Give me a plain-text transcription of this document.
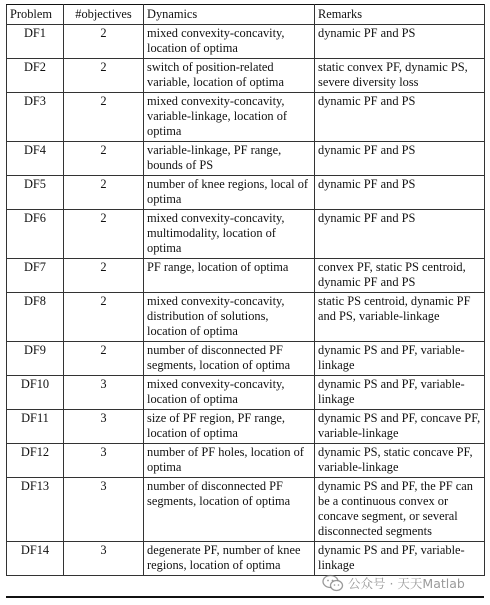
Problem	#objectives	Dynamics	Remarks
DF1	2	mixed convexity-concavity, location of optima	dynamic PF and PS
DF2	2	switch of position-related variable, location of optima	static convex PF, dynamic PS, severe diversity loss
DF3	2	mixed convexity-concavity, variable-linkage, location of optima	dynamic PF and PS
DF4	2	variable-linkage, PF range, bounds of PS	dynamic PF and PS
DF5	2	number of knee regions, local of optima	dynamic PF and PS
DF6	2	mixed convexity-concavity, multimodality, location of optima	dynamic PF and PS
DF7	2	PF range, location of optima	convex PF, static PS centroid, dynamic PF and PS
DF8	2	mixed convexity-concavity, distribution of solutions, location of optima	static PS centroid, dynamic PF and PS, variable-linkage
DF9	2	number of disconnected PF segments, location of optima	dynamic PS and PF, variable-linkage
DF10	3	mixed convexity-concavity, location of optima	dynamic PS and PF, variable-linkage
DF11	3	size of PF region, PF range, location of optima	dynamic PS and PF, concave PF, variable-linkage
DF12	3	number of PF holes, location of optima	dynamic PS, static concave PF, variable-linkage
DF13	3	number of disconnected PF segments, location of optima	dynamic PS and PF, the PF can be a continuous convex or concave segment, or several disconnected segments
DF14	3	degenerate PF, number of knee regions, location of optima	dynamic PS and PF, variable-linkage
公众号 · 天天Matlab
